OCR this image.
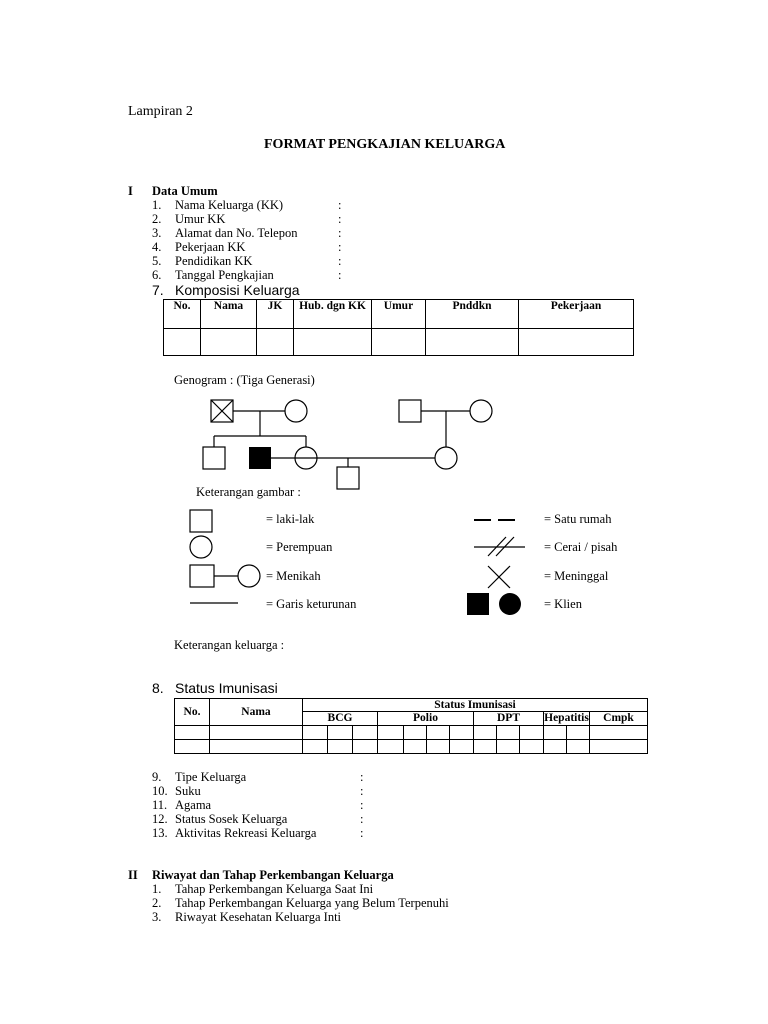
Lampiran 2
FORMAT PENGKAJIAN KELUARGA
I Data Umum
1. Nama Keluarga (KK)	:
2. Umur KK	:
3. Alamat dan No. Telepon	:
4. Pekerjaan KK	:
5. Pendidikan KK	:
6. Tanggal Pengkajian	:
7. Komposisi Keluarga
No.	Nama	JK	Hub. dgn KK	Umur	Pnddkn	Pekerjaan

Genogram : (Tiga Generasi)
Keterangan gambar :
= laki-lak
= Perempuan
= Menikah
= Garis keturunan
= Satu rumah
= Cerai / pisah
= Meninggal
= Klien
Keterangan keluarga :
8. Status Imunisasi
No.	Nama	Status Imunisasi												
		BCG			Polio				DPT			Hepatitis		Cmpk

9. Tipe Keluarga	:
10. Suku	:
11. Agama	:
12. Status Sosek Keluarga	:
13. Aktivitas Rekreasi Keluarga	:
II Riwayat dan Tahap Perkembangan Keluarga
1. Tahap Perkembangan Keluarga Saat Ini
2. Tahap Perkembangan Keluarga yang Belum Terpenuhi
3. Riwayat Kesehatan Keluarga Inti
